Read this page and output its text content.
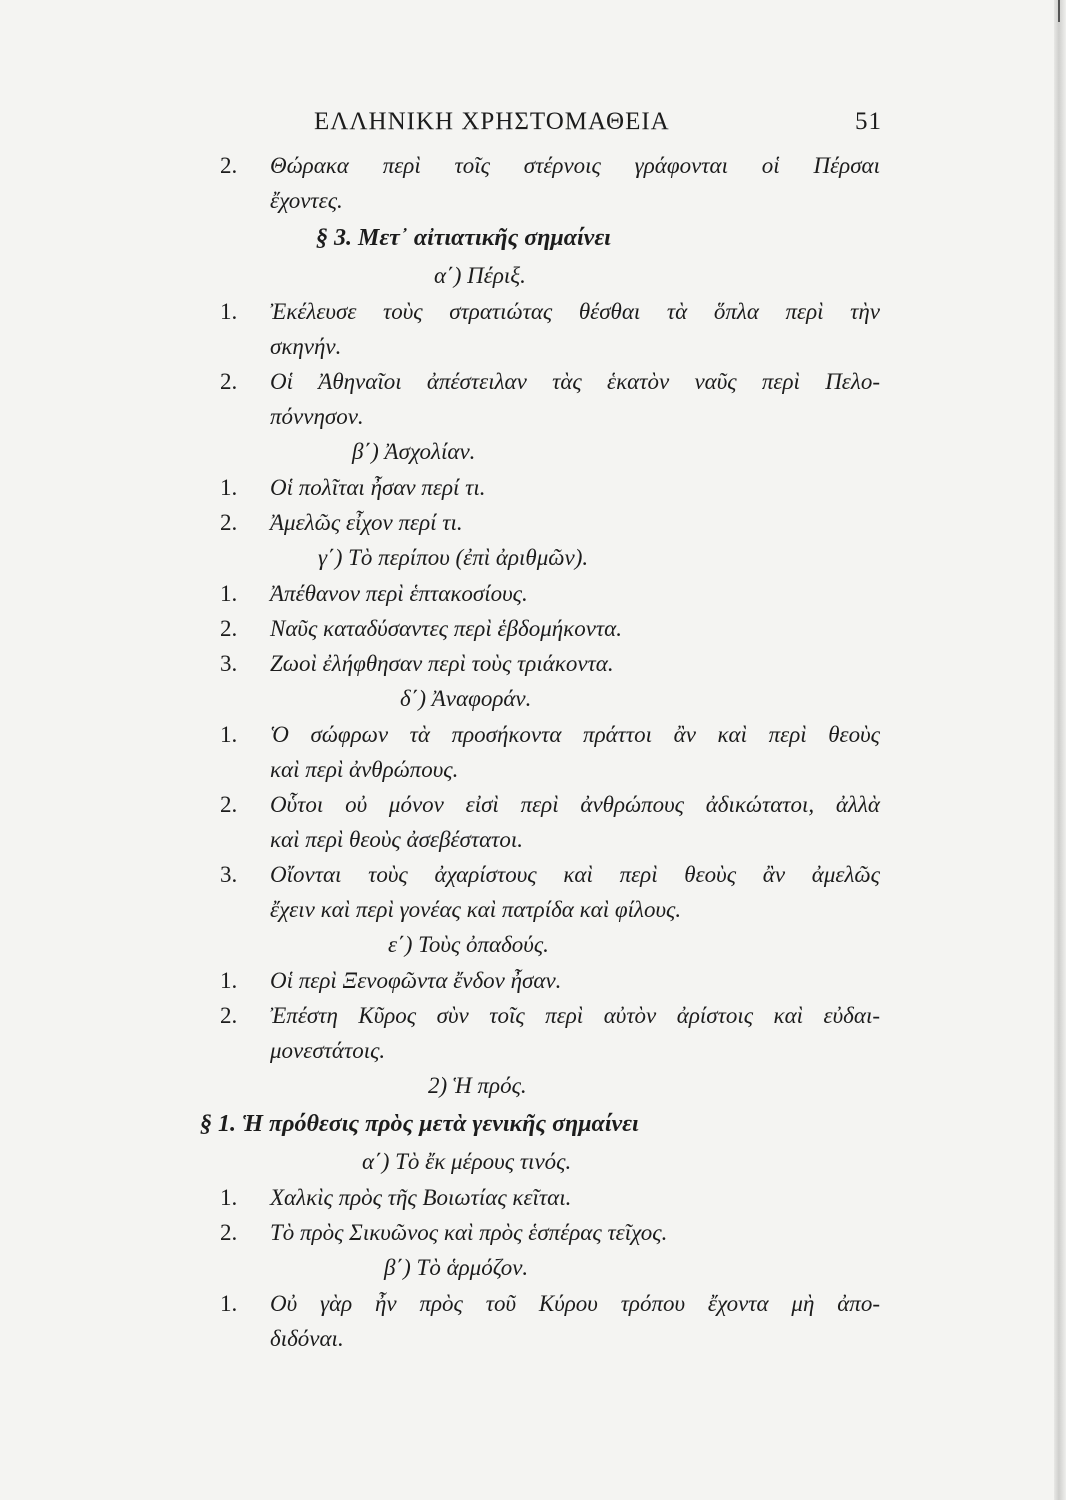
ΕΛΛΗΝΙΚΗ ΧΡΗΣΤΟΜΑΘΕΙΑ	51
2.	Θώρακα περὶ τοῖς στέρνοις γράφονται οἱ Πέρσαι
ἔχοντες.
§ 3. Μετ᾽ αἰτιατικῆς σημαίνει
α΄) Πέριξ.
1.	Ἐκέλευσε τοὺς στρατιώτας θέσθαι τὰ ὅπλα περὶ τὴν
σκηνήν.
2.	Οἱ Ἀθηναῖοι ἀπέστειλαν τὰς ἑκατὸν ναῦς περὶ Πελο-
πόννησον.
β΄) Ἀσχολίαν.
1.	Οἱ πολῖται ἦσαν περί τι.
2.	Ἀμελῶς εἶχον περί τι.
γ΄) Τὸ περίπου (ἐπὶ ἀριθμῶν).
1.	Ἀπέθανον περὶ ἑπτακοσίους.
2.	Ναῦς καταδύσαντες περὶ ἑβδομήκοντα.
3.	Ζωοὶ ἐλήφθησαν περὶ τοὺς τριάκοντα.
δ΄) Ἀναφοράν.
1.	Ὁ σώφρων τὰ προσήκοντα πράττοι ἂν καὶ περὶ θεοὺς
καὶ περὶ ἀνθρώπους.
2.	Οὗτοι οὐ μόνον εἰσὶ περὶ ἀνθρώπους ἀδικώτατοι, ἀλλὰ
καὶ περὶ θεοὺς ἀσεβέστατοι.
3.	Οἴονται τοὺς ἀχαρίστους καὶ περὶ θεοὺς ἂν ἀμελῶς
ἔχειν καὶ περὶ γονέας καὶ πατρίδα καὶ φίλους.
ε΄) Τοὺς ὀπαδούς.
1.	Οἱ περὶ Ξενοφῶντα ἔνδον ἦσαν.
2.	Ἐπέστη Κῦρος σὺν τοῖς περὶ αὐτὸν ἀρίστοις καὶ εὐδαι-
μονεστάτοις.
2) Ἡ πρός.
§ 1. Ἡ πρόθεσις πρὸς μετὰ γενικῆς σημαίνει
α΄) Τὸ ἔκ μέρους τινός.
1.	Χαλκὶς πρὸς τῆς Βοιωτίας κεῖται.
2.	Τὸ πρὸς Σικυῶνος καὶ πρὸς ἑσπέρας τεῖχος.
β΄) Τὸ ἁρμόζον.
1.	Οὐ γὰρ ἦν πρὸς τοῦ Κύρου τρόπου ἔχοντα μὴ ἀπο-
διδόναι.
